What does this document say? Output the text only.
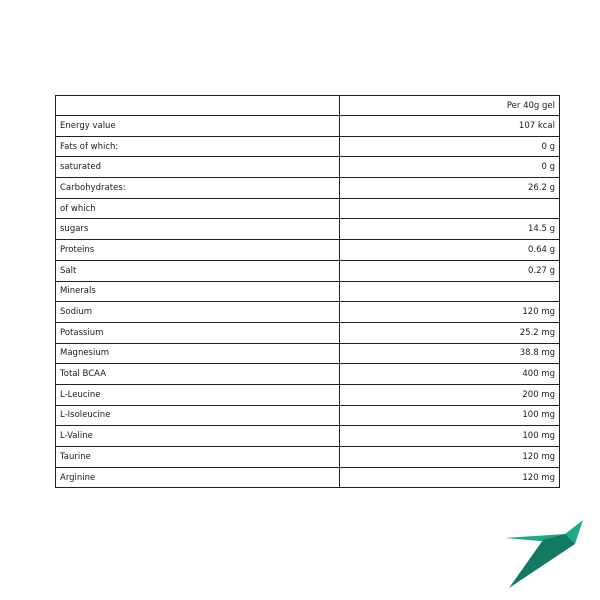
	Per 40g gel
Energy value	107 kcal
Fats of which:	0 g
saturated	0 g
Carbohydrates:	26.2 g
of which	
sugars	14.5 g
Proteins	0.64 g
Salt	0.27 g
Minerals	
Sodium	120 mg
Potassium	25.2 mg
Magnesium	38.8 mg
Total BCAA	400 mg
L-Leucine	200 mg
L-Isoleucine	100 mg
L-Valine	100 mg
Taurine	120 mg
Arginine	120 mg
